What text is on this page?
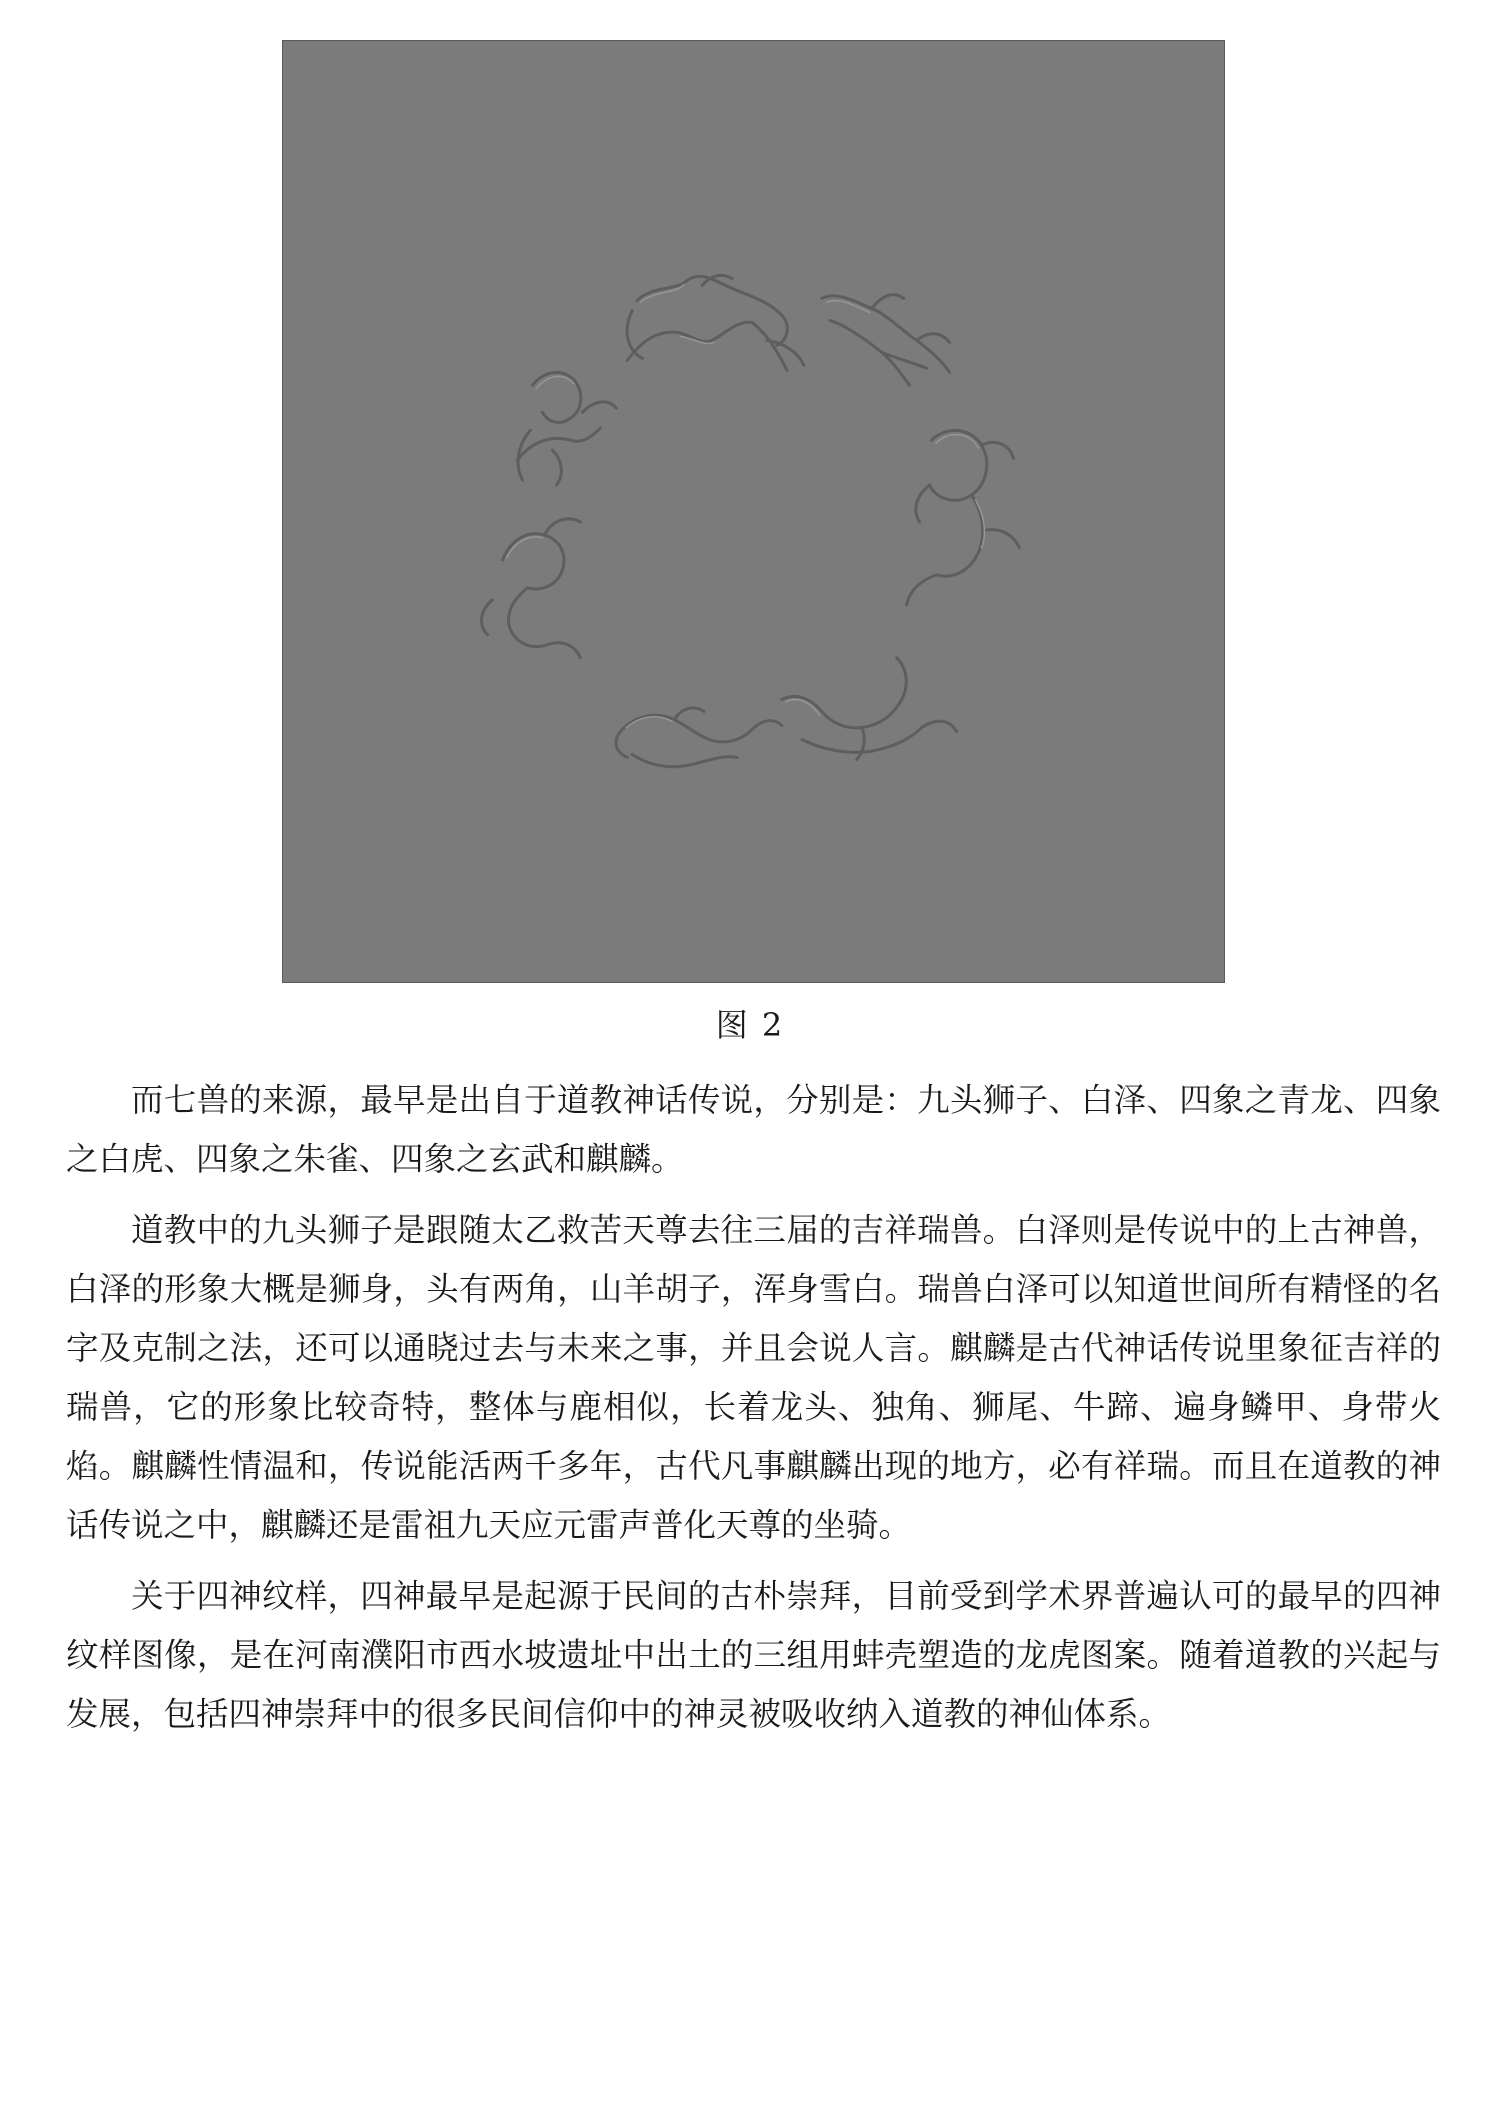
图 2

而七兽的来源，最早是出自于道教神话传说，分别是：九头狮子、白泽、四象之青龙、四象之白虎、四象之朱雀、四象之玄武和麒麟。

道教中的九头狮子是跟随太乙救苦天尊去往三届的吉祥瑞兽。白泽则是传说中的上古神兽，白泽的形象大概是狮身，头有两角，山羊胡子，浑身雪白。瑞兽白泽可以知道世间所有精怪的名字及克制之法，还可以通晓过去与未来之事，并且会说人言。麒麟是古代神话传说里象征吉祥的瑞兽，它的形象比较奇特，整体与鹿相似，长着龙头、独角、狮尾、牛蹄、遍身鳞甲、身带火焰。麒麟性情温和，传说能活两千多年，古代凡事麒麟出现的地方，必有祥瑞。而且在道教的神话传说之中，麒麟还是雷祖九天应元雷声普化天尊的坐骑。

关于四神纹样，四神最早是起源于民间的古朴崇拜，目前受到学术界普遍认可的最早的四神纹样图像，是在河南濮阳市西水坡遗址中出土的三组用蚌壳塑造的龙虎图案。随着道教的兴起与发展，包括四神崇拜中的很多民间信仰中的神灵被吸收纳入道教的神仙体系。
